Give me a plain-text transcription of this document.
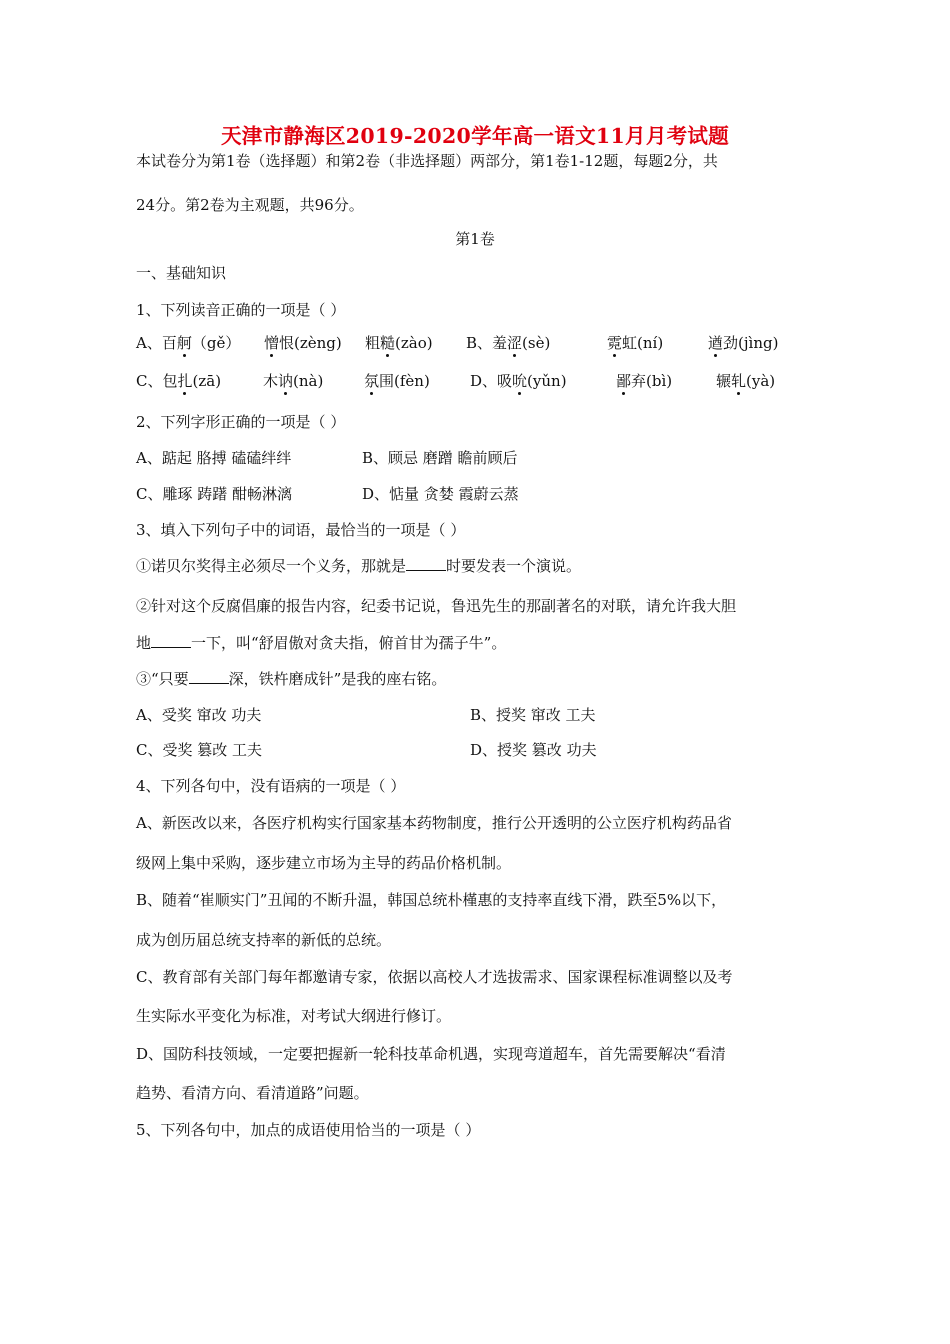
天津市静海区2019-2020学年高一语文11月月考试题
本试卷分为第1卷（选择题）和第2卷（非选择题）两部分，第1卷1-12题，每题2分，共
24分。第2卷为主观题，共96分。
第1卷
一、基础知识
1、下列读音正确的一项是（ ）
A、百舸（gě） 憎恨(zèng) 粗糙(zào) B、羞涩(sè)	霓虹(ní)	遒劲(jìng)
C、包扎(zā)	木讷(nà)	氛围(fèn)	D、吸吮(yǔn)	鄙弃(bì)	辗轧(yà)
2、下列字形正确的一项是（ ）
A、踮起 胳搏 磕磕绊绊	B、顾忌 磨蹭 瞻前顾后
C、雕琢 踌躇 酣畅淋漓	D、惦量 贪婪 霞蔚云蒸
3、填入下列句子中的词语，最恰当的一项是（ ）
①诺贝尔奖得主必须尽一个义务，那就是	时要发表一个演说。
②针对这个反腐倡廉的报告内容，纪委书记说，鲁迅先生的那副著名的对联，请允许我大胆
地	一下，叫“舒眉傲对贪夫指，俯首甘为孺子牛”。
③“只要	深，铁杵磨成针”是我的座右铭。
A、受奖 窜改 功夫	B、授奖 窜改 工夫
C、受奖 篡改 工夫	D、授奖 篡改 功夫
4、下列各句中，没有语病的一项是（ ）
A、新医改以来，各医疗机构实行国家基本药物制度，推行公开透明的公立医疗机构药品省
级网上集中采购，逐步建立市场为主导的药品价格机制。
B、随着“崔顺实门”丑闻的不断升温，韩国总统朴槿惠的支持率直线下滑，跌至5%以下，
成为创历届总统支持率的新低的总统。
C、教育部有关部门每年都邀请专家，依据以高校人才选拔需求、国家课程标准调整以及考
生实际水平变化为标准，对考试大纲进行修订。
D、国防科技领域，一定要把握新一轮科技革命机遇，实现弯道超车，首先需要解决“看清
趋势、看清方向、看清道路”问题。
5、下列各句中，加点的成语使用恰当的一项是（ ）
